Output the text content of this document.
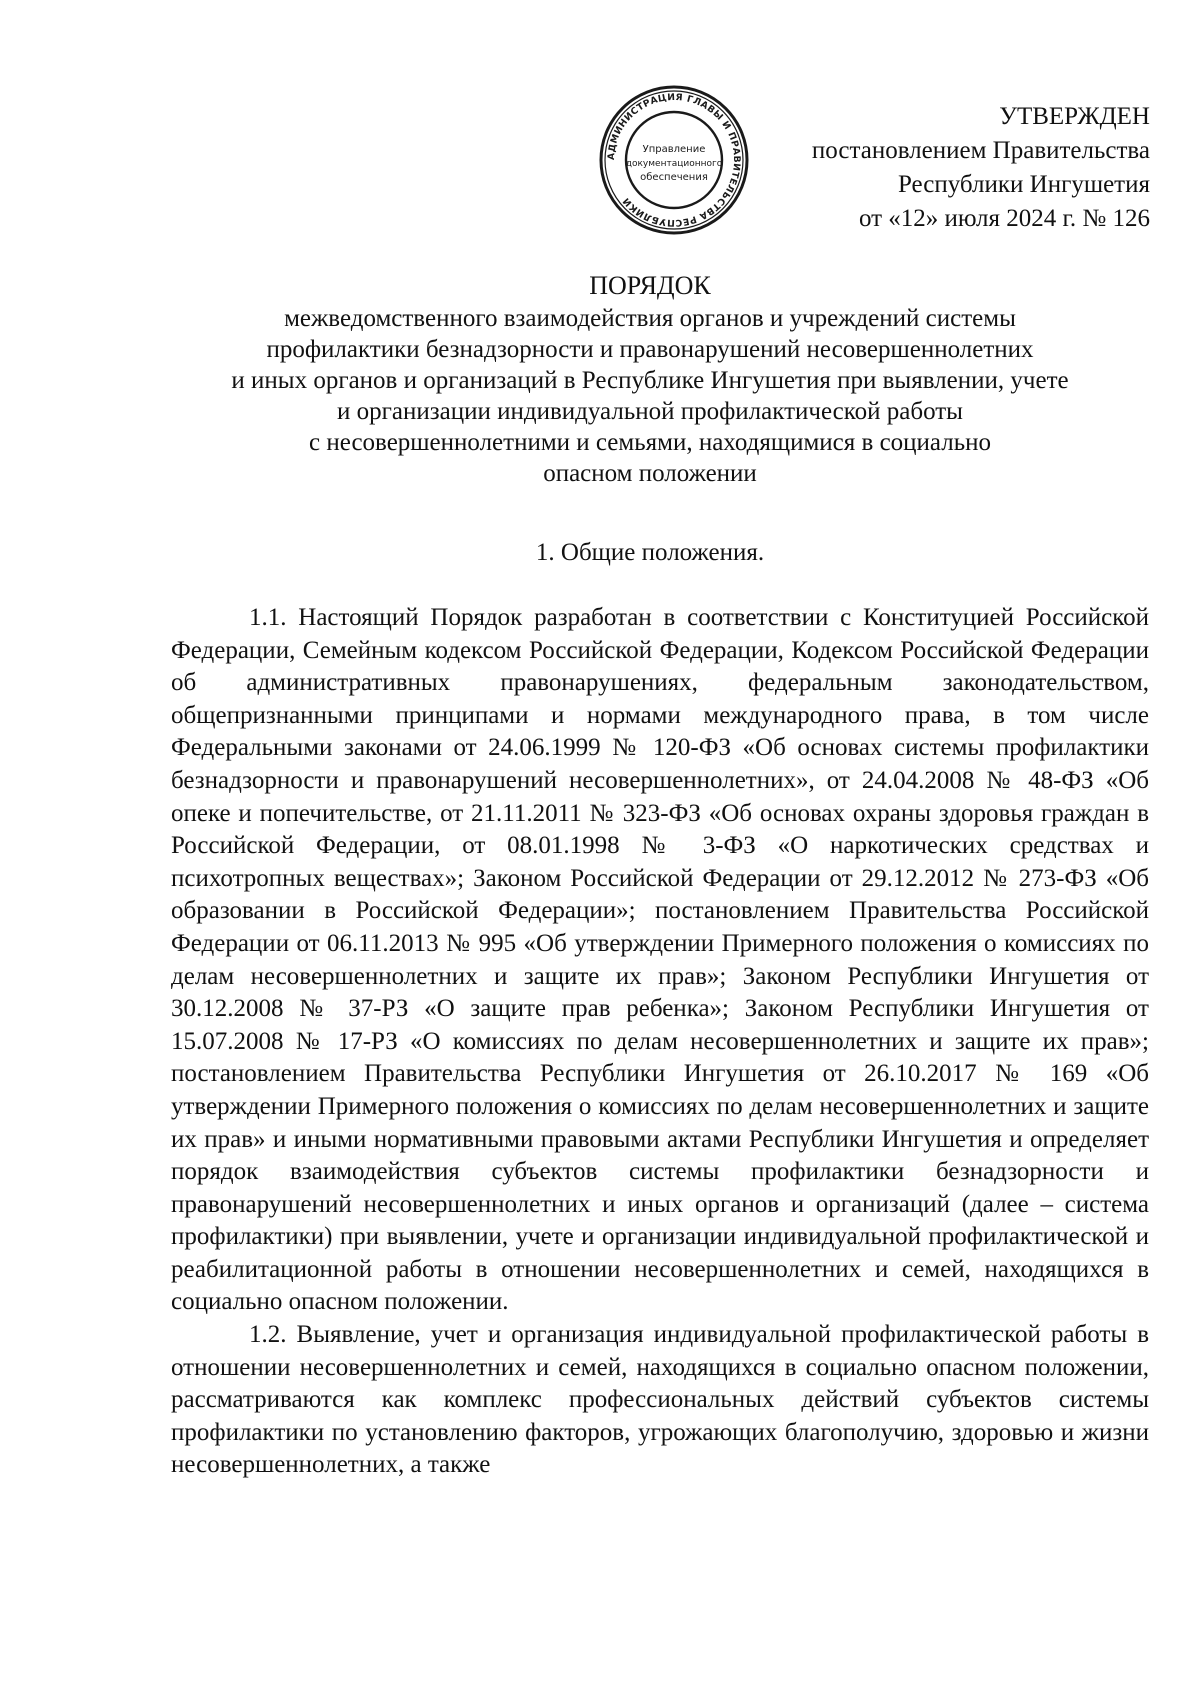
АДМИНИСТРАЦИЯ ГЛАВЫ И ПРАВИТЕЛЬСТВА РЕСПУБЛИКИ
Управление
документационного
обеспечения
УТВЕРЖДЕН
постановлением Правительства
Республики Ингушетия
от «12» июля 2024 г. № 126
ПОРЯДОК
межведомственного взаимодействия органов и учреждений системы
профилактики безнадзорности и правонарушений несовершеннолетних
и иных органов и организаций в Республике Ингушетия при выявлении, учете
и организации индивидуальной профилактической работы
с несовершеннолетними и семьями, находящимися в социально
опасном положении
1. Общие положения.

1.1. Настоящий Порядок разработан в соответствии с Конституцией Российской Федерации, Семейным кодексом Российской Федерации, Кодексом Российской Федерации об административных правонарушениях, федеральным законодательством, общепризнанными принципами и нормами международного права, в том числе Федеральными законами от 24.06.1999 № 120-ФЗ «Об основах системы профилактики безнадзорности и правонарушений несовершеннолетних», от 24.04.2008 № 48-ФЗ «Об опеке и попечительстве, от 21.11.2011 № 323-ФЗ «Об основах охраны здоровья граждан в Российской Федерации, от 08.01.1998 № 3-ФЗ «О наркотических средствах и психотропных веществах»; Законом Российской Федерации от 29.12.2012 № 273-ФЗ «Об образовании в Российской Федерации»; постановлением Правительства Российской Федерации от 06.11.2013 № 995 «Об утверждении Примерного положения о комиссиях по делам несовершеннолетних и защите их прав»; Законом Республики Ингушетия от 30.12.2008 № 37-РЗ «О защите прав ребенка»; Законом Республики Ингушетия от 15.07.2008 № 17-РЗ «О комиссиях по делам несовершеннолетних и защите их прав»; постановлением Правительства Республики Ингушетия от 26.10.2017 № 169 «Об утверждении Примерного положения о комиссиях по делам несовершеннолетних и защите их прав» и иными нормативными правовыми актами Республики Ингушетия и определяет порядок взаимодействия субъектов системы профилактики безнадзорности и правонарушений несовершеннолетних и иных органов и организаций (далее – система профилактики) при выявлении, учете и организации индивидуальной профилактической и реабилитационной работы в отношении несовершеннолетних и семей, находящихся в социально опасном положении.

1.2. Выявление, учет и организация индивидуальной профилактической работы в отношении несовершеннолетних и семей, находящихся в социально опасном положении, рассматриваются как комплекс профессиональных действий субъектов системы профилактики по установлению факторов, угрожающих благополучию, здоровью и жизни несовершеннолетних, а также
